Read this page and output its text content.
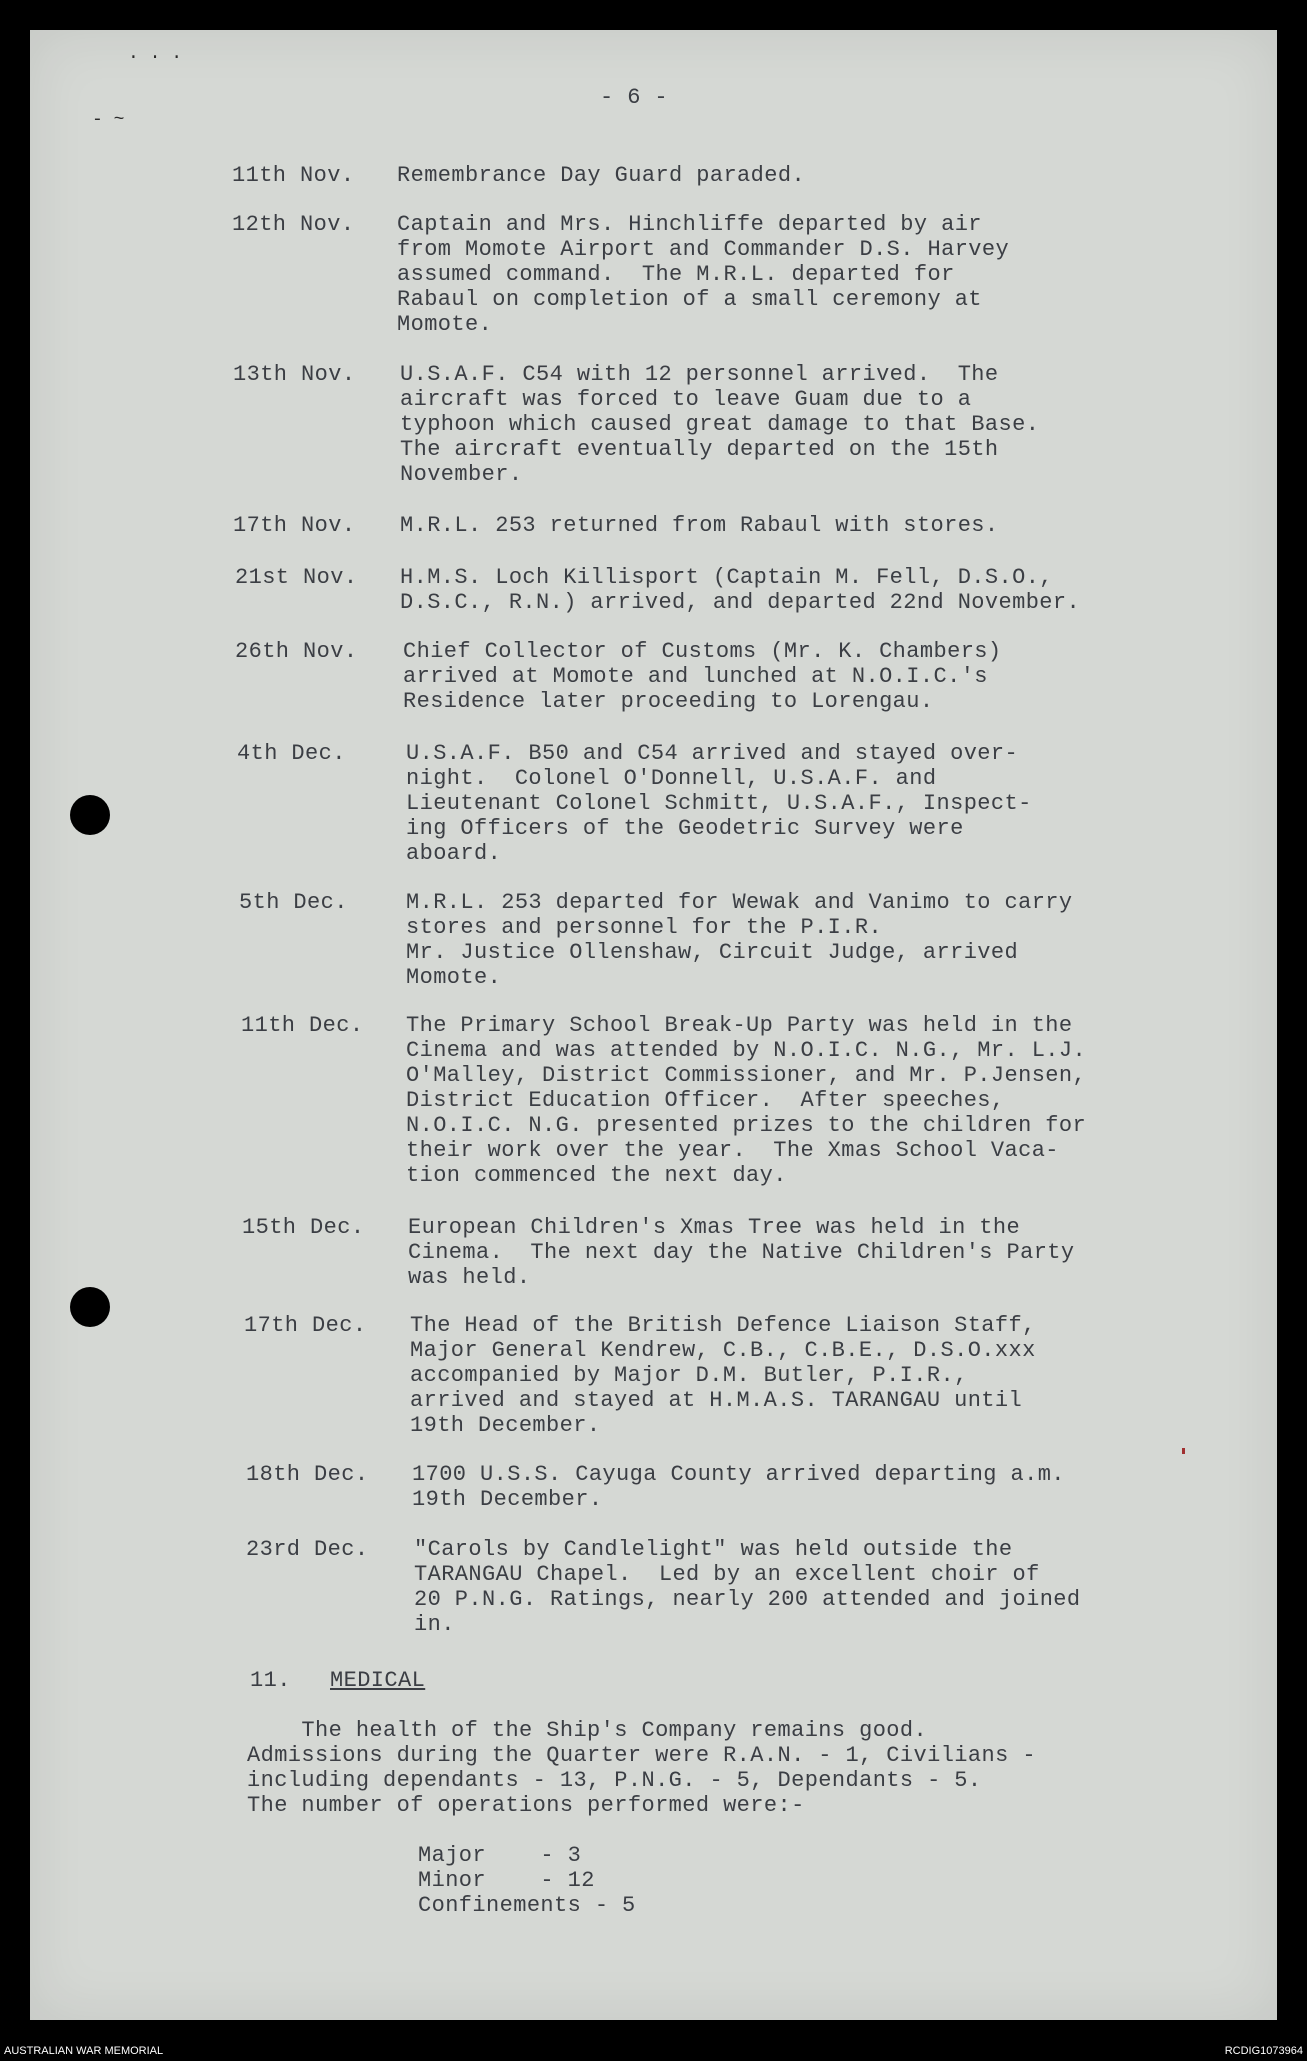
· · ·
- ~
- 6 -
11th Nov. Remembrance Day Guard paraded.
12th Nov. Captain and Mrs. Hinchliffe departed by air
from Momote Airport and Commander D.S. Harvey
assumed command.  The M.R.L. departed for
Rabaul on completion of a small ceremony at
Momote.
13th Nov. U.S.A.F. C54 with 12 personnel arrived.  The
aircraft was forced to leave Guam due to a
typhoon which caused great damage to that Base.
The aircraft eventually departed on the 15th
November.
17th Nov. M.R.L. 253 returned from Rabaul with stores.
21st Nov. H.M.S. Loch Killisport (Captain M. Fell, D.S.O.,
D.S.C., R.N.) arrived, and departed 22nd November.
26th Nov. Chief Collector of Customs (Mr. K. Chambers)
arrived at Momote and lunched at N.O.I.C.'s
Residence later proceeding to Lorengau.
4th Dec.	U.S.A.F. B50 and C54 arrived and stayed over-
night.  Colonel O'Donnell, U.S.A.F. and
Lieutenant Colonel Schmitt, U.S.A.F., Inspect-
ing Officers of the Geodetric Survey were
aboard.
5th Dec.	M.R.L. 253 departed for Wewak and Vanimo to carry
stores and personnel for the P.I.R.
Mr. Justice Ollenshaw, Circuit Judge, arrived
Momote.
11th Dec. The Primary School Break-Up Party was held in the
Cinema and was attended by N.O.I.C. N.G., Mr. L.J.
O'Malley, District Commissioner, and Mr. P.Jensen,
District Education Officer.  After speeches,
N.O.I.C. N.G. presented prizes to the children for
their work over the year.  The Xmas School Vaca-
tion commenced the next day.
15th Dec. European Children's Xmas Tree was held in the
Cinema.  The next day the Native Children's Party
was held.
17th Dec. The Head of the British Defence Liaison Staff,
Major General Kendrew, C.B., C.B.E., D.S.O.xxx
accompanied by Major D.M. Butler, P.I.R.,
arrived and stayed at H.M.A.S. TARANGAU until
19th December.
18th Dec. 1700 U.S.S. Cayuga County arrived departing a.m.
19th December.
23rd Dec. "Carols by Candlelight" was held outside the
TARANGAU Chapel.  Led by an excellent choir of
20 P.N.G. Ratings, nearly 200 attended and joined
in.
11. MEDICAL
The health of the Ship's Company remains good.
Admissions during the Quarter were R.A.N. - 1, Civilians -
including dependants - 13, P.N.G. - 5, Dependants - 5.
The number of operations performed were:-
Major    - 3
Minor    - 12
Confinements - 5
AUSTRALIAN WAR MEMORIAL	RCDIG1073964
